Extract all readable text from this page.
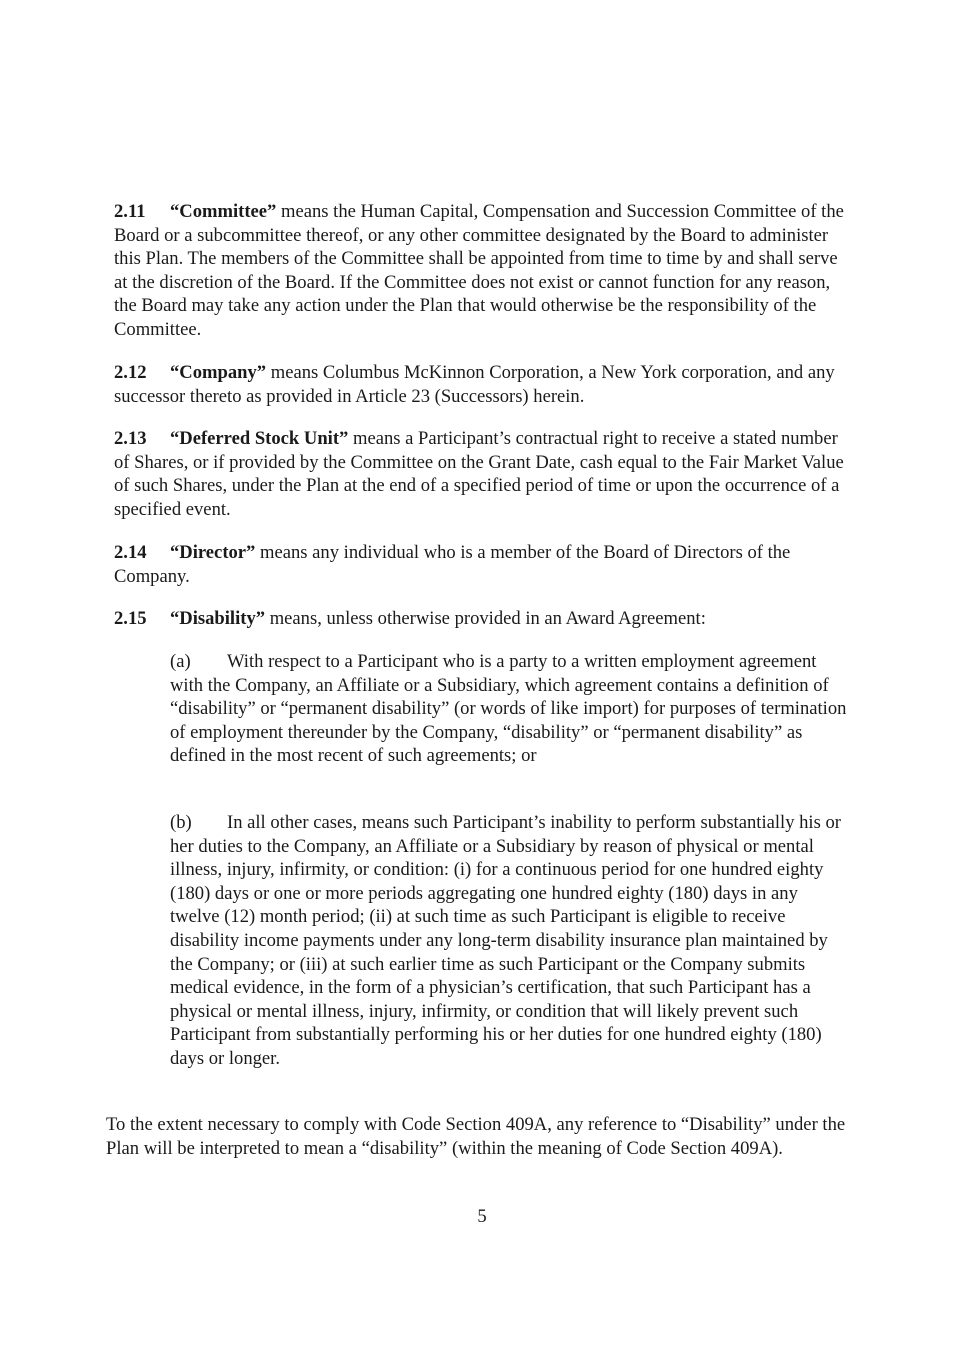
2.11 “Committee” means the Human Capital, Compensation and Succession Committee of the Board or a subcommittee thereof, or any other committee designated by the Board to administer this Plan. The members of the Committee shall be appointed from time to time by and shall serve at the discretion of the Board. If the Committee does not exist or cannot function for any reason, the Board may take any action under the Plan that would otherwise be the responsibility of the Committee.

2.12 “Company” means Columbus McKinnon Corporation, a New York corporation, and any successor thereto as provided in Article 23 (Successors) herein.

2.13 “Deferred Stock Unit” means a Participant’s contractual right to receive a stated number of Shares, or if provided by the Committee on the Grant Date, cash equal to the Fair Market Value of such Shares, under the Plan at the end of a specified period of time or upon the occurrence of a specified event.

2.14 “Director” means any individual who is a member of the Board of Directors of the Company.

2.15 “Disability” means, unless otherwise provided in an Award Agreement:

(a) With respect to a Participant who is a party to a written employment agreement with the Company, an Affiliate or a Subsidiary, which agreement contains a definition of “disability” or “permanent disability” (or words of like import) for purposes of termination of employment thereunder by the Company, “disability” or “permanent disability” as defined in the most recent of such agreements; or

(b) In all other cases, means such Participant’s inability to perform substantially his or her duties to the Company, an Affiliate or a Subsidiary by reason of physical or mental illness, injury, infirmity, or condition: (i) for a continuous period for one hundred eighty (180) days or one or more periods aggregating one hundred eighty (180) days in any twelve (12) month period; (ii) at such time as such Participant is eligible to receive disability income payments under any long-term disability insurance plan maintained by the Company; or (iii) at such earlier time as such Participant or the Company submits medical evidence, in the form of a physician’s certification, that such Participant has a physical or mental illness, injury, infirmity, or condition that will likely prevent such Participant from substantially performing his or her duties for one hundred eighty (180) days or longer.

To the extent necessary to comply with Code Section 409A, any reference to “Disability” under the Plan will be interpreted to mean a “disability” (within the meaning of Code Section 409A).

5
